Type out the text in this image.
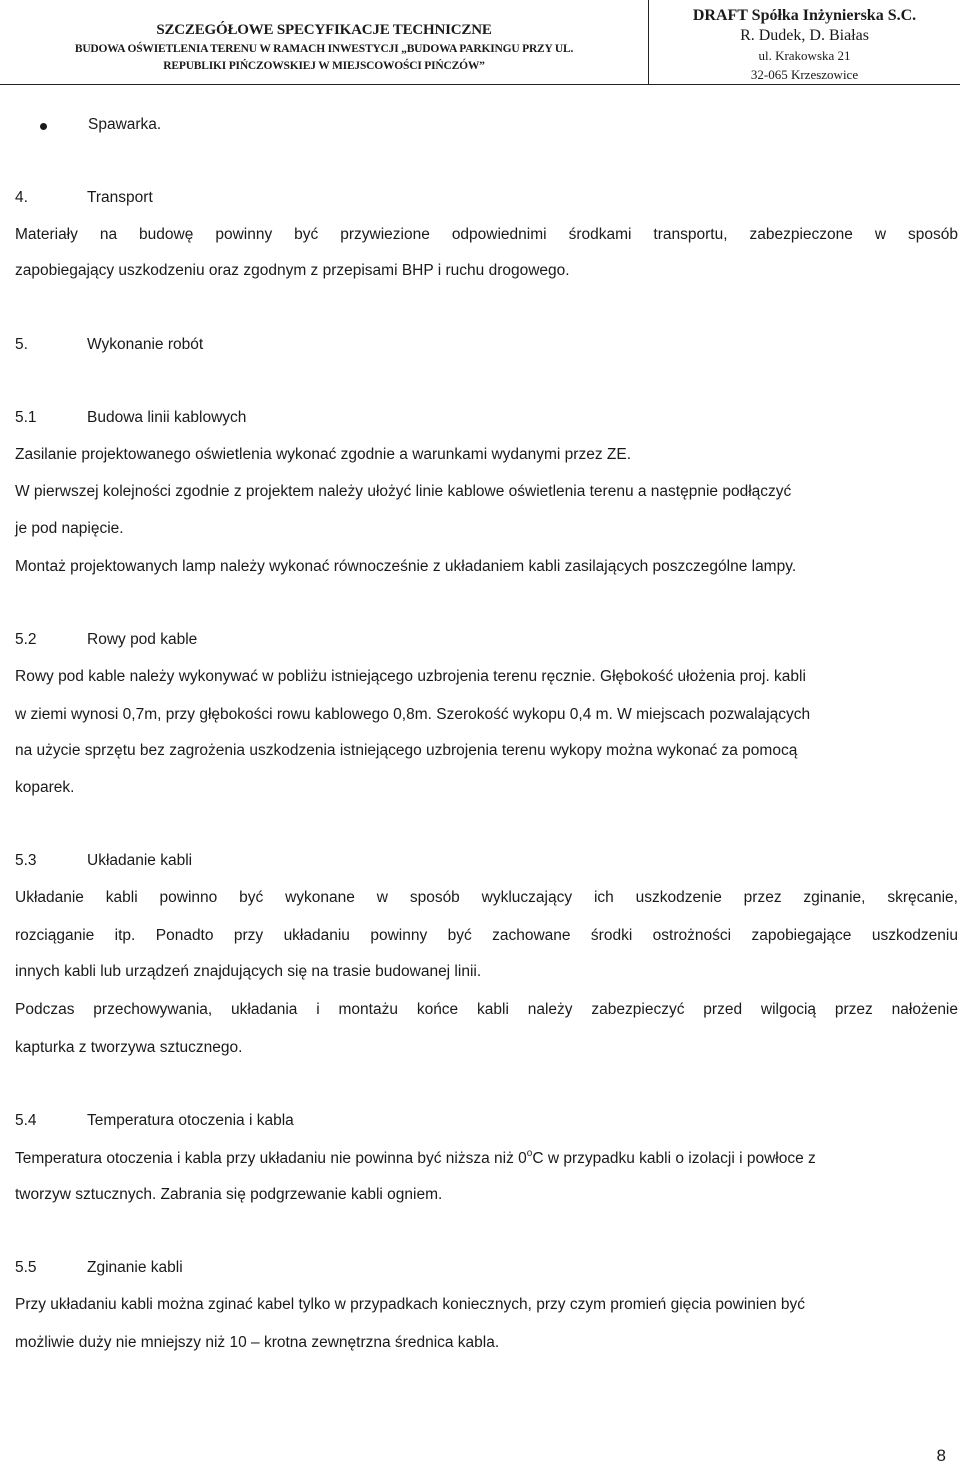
SZCZEGÓŁOWE SPECYFIKACJE TECHNICZNE
BUDOWA OŚWIETLENIA TERENU W RAMACH INWESTYCJI „BUDOWA PARKINGU PRZY UL.
REPUBLIKI PIŃCZOWSKIEJ W MIEJSCOWOŚCI PIŃCZÓW”
DRAFT Spółka Inżynierska S.C.
R. Dudek, D. Białas
ul. Krakowska 21
32-065 Krzeszowice
Spawarka.
4.	Transport
Materiały na budowę powinny być przywiezione odpowiednimi środkami transportu, zabezpieczone w sposób
zapobiegający uszkodzeniu oraz zgodnym z przepisami BHP i ruchu drogowego.
5.	Wykonanie robót
5.1	Budowa linii kablowych
Zasilanie projektowanego oświetlenia wykonać zgodnie a warunkami wydanymi przez ZE.
W pierwszej kolejności zgodnie z projektem należy ułożyć linie kablowe oświetlenia terenu a następnie podłączyć
je pod napięcie.
Montaż projektowanych lamp należy wykonać równocześnie z układaniem kabli zasilających poszczególne lampy.
5.2	Rowy pod kable
Rowy pod kable należy wykonywać w pobliżu istniejącego uzbrojenia terenu ręcznie. Głębokość ułożenia proj. kabli
w ziemi wynosi 0,7m, przy głębokości rowu kablowego 0,8m. Szerokość wykopu 0,4 m. W miejscach pozwalających
na użycie sprzętu bez zagrożenia uszkodzenia istniejącego uzbrojenia terenu wykopy można wykonać za pomocą
koparek.
5.3	Układanie kabli
Układanie kabli powinno być wykonane w sposób wykluczający ich uszkodzenie przez zginanie, skręcanie,
rozciąganie itp. Ponadto przy układaniu powinny być zachowane środki ostrożności zapobiegające uszkodzeniu
innych kabli lub urządzeń znajdujących się na trasie budowanej linii.
Podczas przechowywania, układania i montażu końce kabli należy zabezpieczyć przed wilgocią przez nałożenie
kapturka z tworzywa sztucznego.
5.4	Temperatura otoczenia i kabla
Temperatura otoczenia i kabla przy układaniu nie powinna być niższa niż 0$^o$C w przypadku kabli o izolacji i powłoce z
tworzyw sztucznych. Zabrania się podgrzewanie kabli ogniem.
5.5	Zginanie kabli
Przy układaniu kabli można zginać kabel tylko w przypadkach koniecznych, przy czym promień gięcia powinien być
możliwie duży nie mniejszy niż 10 – krotna zewnętrzna średnica kabla.
8
